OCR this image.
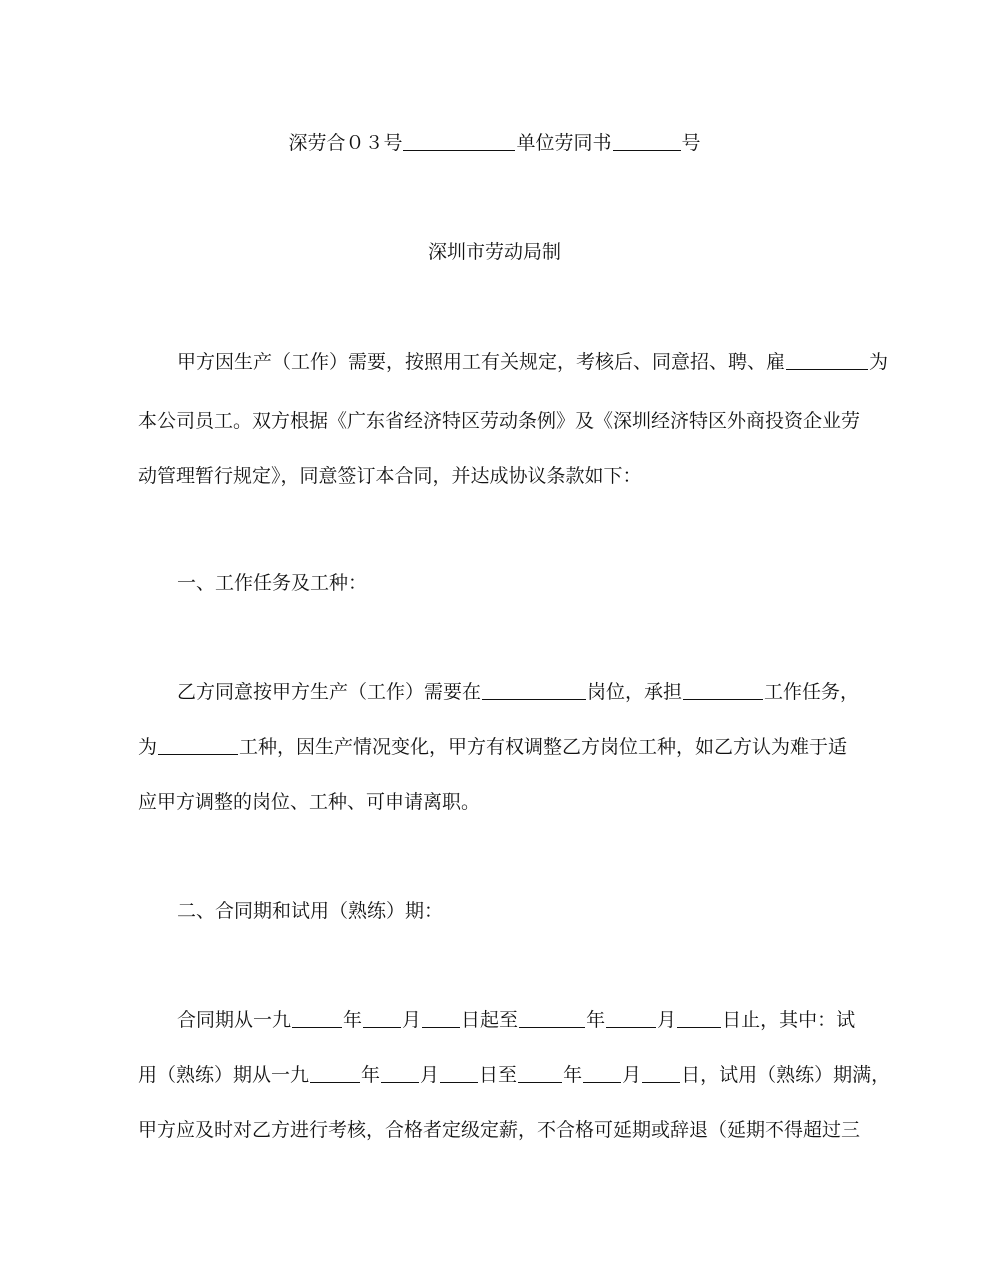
深劳合０３号	单位劳同书	号
深圳市劳动局制
甲方因生产（工作）需要，按照用工有关规定，考核后、同意招、聘、雇	为
本公司员工。双方根据《广东省经济特区劳动条例》及《深圳经济特区外商投资企业劳
动管理暂行规定》，同意签订本合同，并达成协议条款如下：
一、工作任务及工种：
乙方同意按甲方生产（工作）需要在	岗位，承担	工作任务，
为	工种，因生产情况变化，甲方有权调整乙方岗位工种，如乙方认为难于适
应甲方调整的岗位、工种、可申请离职。
二、合同期和试用（熟练）期：
合同期从一九	年 月 日起至	年	月 日止，其中：试
用（熟练）期从一九	年 月 日至 年 月 日，试用（熟练）期满，
甲方应及时对乙方进行考核，合格者定级定薪，不合格可延期或辞退（延期不得超过三
